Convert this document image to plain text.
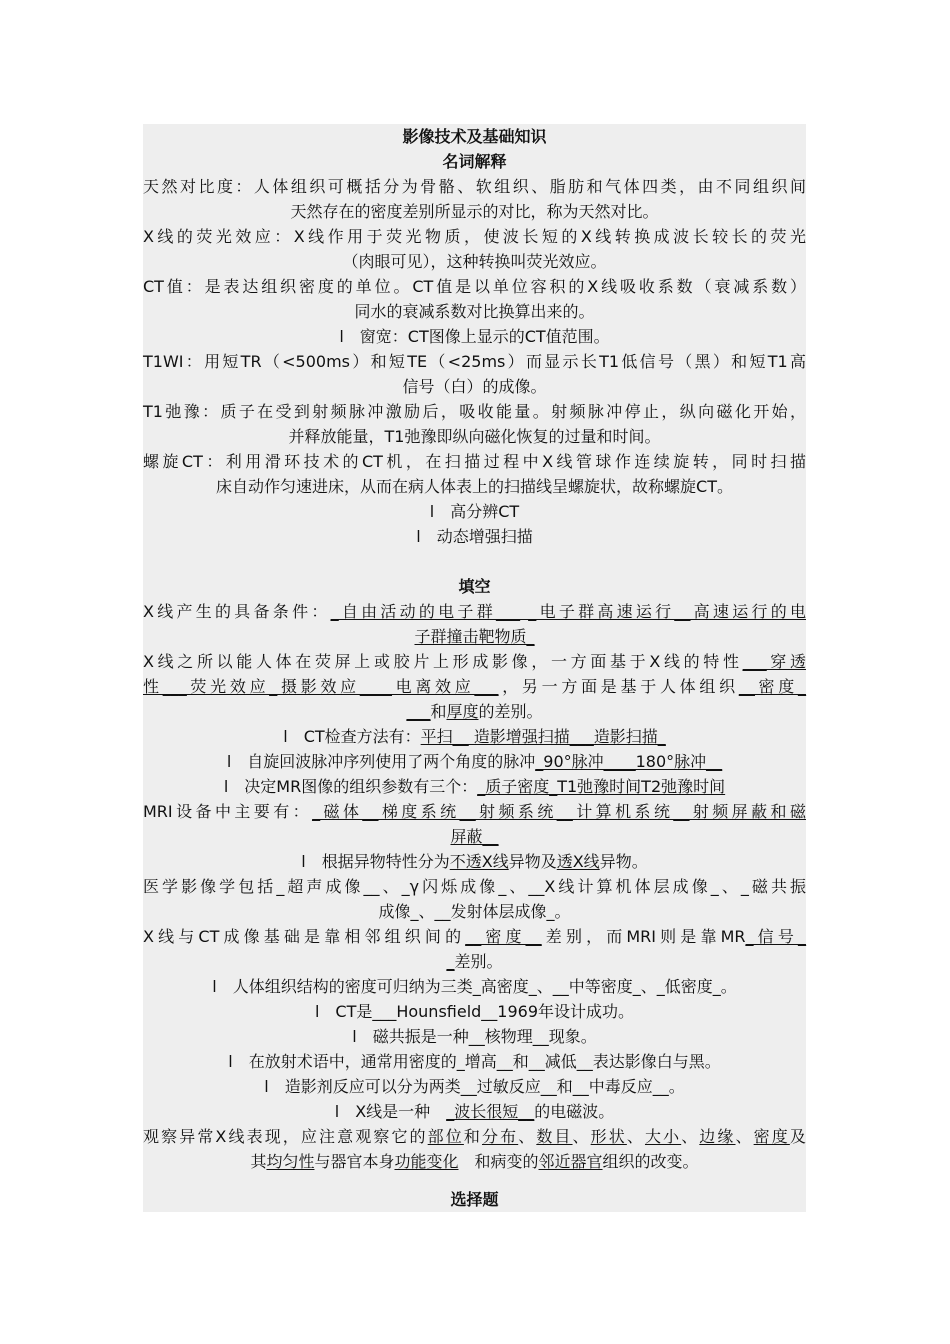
影像技术及基础知识
名词解释
天然对比度：人体组织可概括分为骨骼、软组织、脂肪和气体四类，由不同组织间
天然存在的密度差别所显示的对比，称为天然对比。
X线的荧光效应：X线作用于荧光物质，使波长短的X线转换成波长较长的荧光
（肉眼可见），这种转换叫荧光效应。
CT值：是表达组织密度的单位。CT值是以单位容积的X线吸收系数（衰减系数）
同水的衰减系数对比换算出来的。
l　窗宽：CT图像上显示的CT值范围。
T1WI：用短TR（<500ms）和短TE（<25ms）而显示长T1低信号（黑）和短T1高
信号（白）的成像。
T1弛豫：质子在受到射频脉冲激励后，吸收能量。射频脉冲停止，纵向磁化开始，
并释放能量，T1弛豫即纵向磁化恢复的过量和时间。
螺旋CT：利用滑环技术的CT机，在扫描过程中X线管球作连续旋转，同时扫描
床自动作匀速进床，从而在病人体表上的扫描线呈螺旋状，故称螺旋CT。
l　高分辨CT
l　动态增强扫描
填空
X线产生的具备条件：_自由活动的电子群___ _电子群高速运行__高速运行的电
子群撞击靶物质_
X线之所以能人体在荧屏上或胶片上形成影像，一方面基于X线的特性___穿透
性___荧光效应_摄影效应____电离效应___，另一方面是基于人体组织__密度_
___和厚度的差别。
l　CT检查方法有：平扫__ 造影增强扫描___造影扫描_
l　自旋回波脉冲序列使用了两个角度的脉冲_90°脉冲____180°脉冲__
l　决定MR图像的组织参数有三个：_质子密度_T1弛豫时间T2弛豫时间
MRI设备中主要有：_磁体__梯度系统__射频系统__计算机系统__射频屏蔽和磁
屏蔽__
l　根据异物特性分为不透X线异物及透X线异物。
医学影像学包括_超声成像__、_γ闪烁成像_、__X线计算机体层成像_、_磁共振
成像_、__发射体层成像_。
X线与CT成像基础是靠相邻组织间的__密度__差别，而MRI则是靠MR_信号_
_差别。
l　人体组织结构的密度可归纳为三类_高密度_、__中等密度_、_低密度_。
l　CT是___Hounsfield__1969年设计成功。
l　磁共振是一种__核物理__现象。
l　在放射术语中，通常用密度的_增高__和__减低__表达影像白与黑。
l　造影剂反应可以分为两类__过敏反应__和__中毒反应__。
l　X线是一种　_波长很短__的电磁波。
观察异常X线表现，应注意观察它的部位和分布、数目、形状、大小、边缘、密度及
其均匀性与器官本身功能变化　和病变的邻近器官组织的改变。
选择题
